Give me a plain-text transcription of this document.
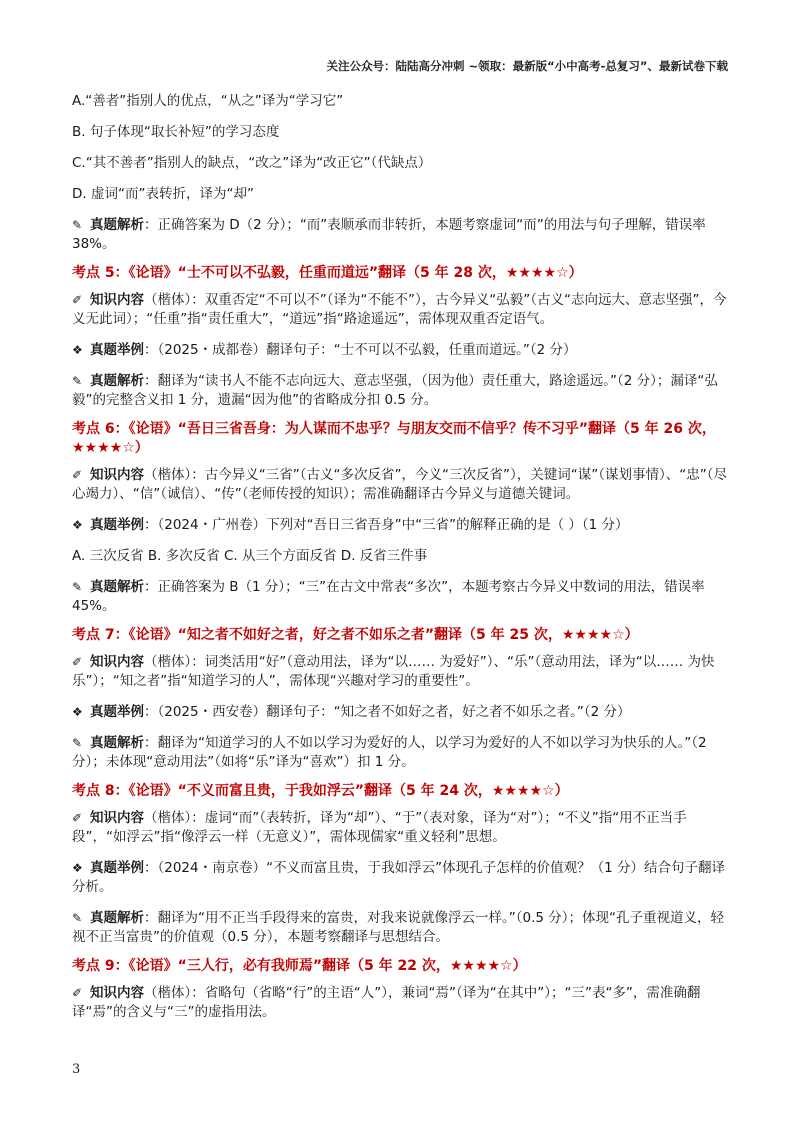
关注公众号：陆陆高分冲刺 ~领取：最新版“小中高考-总复习”、最新试卷下载

A.“善者”指别人的优点，“从之”译为“学习它”

B. 句子体现“取长补短”的学习态度

C.“其不善者”指别人的缺点，“改之”译为“改正它”（代缺点）

D. 虚词“而”表转折，译为“却”

✎ 真题解析：正确答案为 D（2 分）；“而”表顺承而非转折，本题考察虚词“而”的用法与句子理解，错误率 38%。

考点 5：《论语》“士不可以不弘毅，任重而道远”翻译（5 年 28 次，★★★★☆）

✐ 知识内容（楷体）：双重否定“不可以不”（译为“不能不”），古今异义“弘毅”（古义“志向远大、意志坚强”，今义无此词）；“任重”指“责任重大”，“道远”指“路途遥远”，需体现双重否定语气。

❖ 真题举例：（2025・成都卷）翻译句子：“士不可以不弘毅，任重而道远。”（2 分）

✎ 真题解析：翻译为“读书人不能不志向远大、意志坚强，（因为他）责任重大，路途遥远。”（2 分）；漏译“弘毅”的完整含义扣 1 分，遗漏“因为他”的省略成分扣 0.5 分。

考点 6：《论语》“吾日三省吾身：为人谋而不忠乎？与朋友交而不信乎？传不习乎”翻译（5 年 26 次，★★★★☆）

✐ 知识内容（楷体）：古今异义“三省”（古义“多次反省”，今义“三次反省”），关键词“谋”（谋划事情）、“忠”（尽心竭力）、“信”（诚信）、“传”（老师传授的知识）；需准确翻译古今异义与道德关键词。

❖ 真题举例：（2024・广州卷）下列对“吾日三省吾身”中“三省”的解释正确的是（ ）（1 分）

A. 三次反省 B. 多次反省 C. 从三个方面反省 D. 反省三件事

✎ 真题解析：正确答案为 B（1 分）；“三”在古文中常表“多次”，本题考察古今异义中数词的用法，错误率 45%。

考点 7：《论语》“知之者不如好之者，好之者不如乐之者”翻译（5 年 25 次，★★★★☆）

✐ 知识内容（楷体）：词类活用“好”（意动用法，译为“以…… 为爱好”）、“乐”（意动用法，译为“以…… 为快乐”）；“知之者”指“知道学习的人”，需体现“兴趣对学习的重要性”。

❖ 真题举例：（2025・西安卷）翻译句子：“知之者不如好之者，好之者不如乐之者。”（2 分）

✎ 真题解析：翻译为“知道学习的人不如以学习为爱好的人，以学习为爱好的人不如以学习为快乐的人。”（2 分）；未体现“意动用法”（如将“乐”译为“喜欢”）扣 1 分。

考点 8：《论语》“不义而富且贵，于我如浮云”翻译（5 年 24 次，★★★★☆）

✐ 知识内容（楷体）：虚词“而”（表转折，译为“却”）、“于”（表对象，译为“对”）；“不义”指“用不正当手段”，“如浮云”指“像浮云一样（无意义）”，需体现儒家“重义轻利”思想。

❖ 真题举例：（2024・南京卷）“不义而富且贵，于我如浮云”体现孔子怎样的价值观？（1 分）结合句子翻译分析。

✎ 真题解析：翻译为“用不正当手段得来的富贵，对我来说就像浮云一样。”（0.5 分）；体现“孔子重视道义，轻视不正当富贵”的价值观（0.5 分），本题考察翻译与思想结合。

考点 9：《论语》“三人行，必有我师焉”翻译（5 年 22 次，★★★★☆）

✐ 知识内容（楷体）：省略句（省略“行”的主语“人”），兼词“焉”（译为“在其中”）；“三”表“多”，需准确翻译“焉”的含义与“三”的虚指用法。

3
